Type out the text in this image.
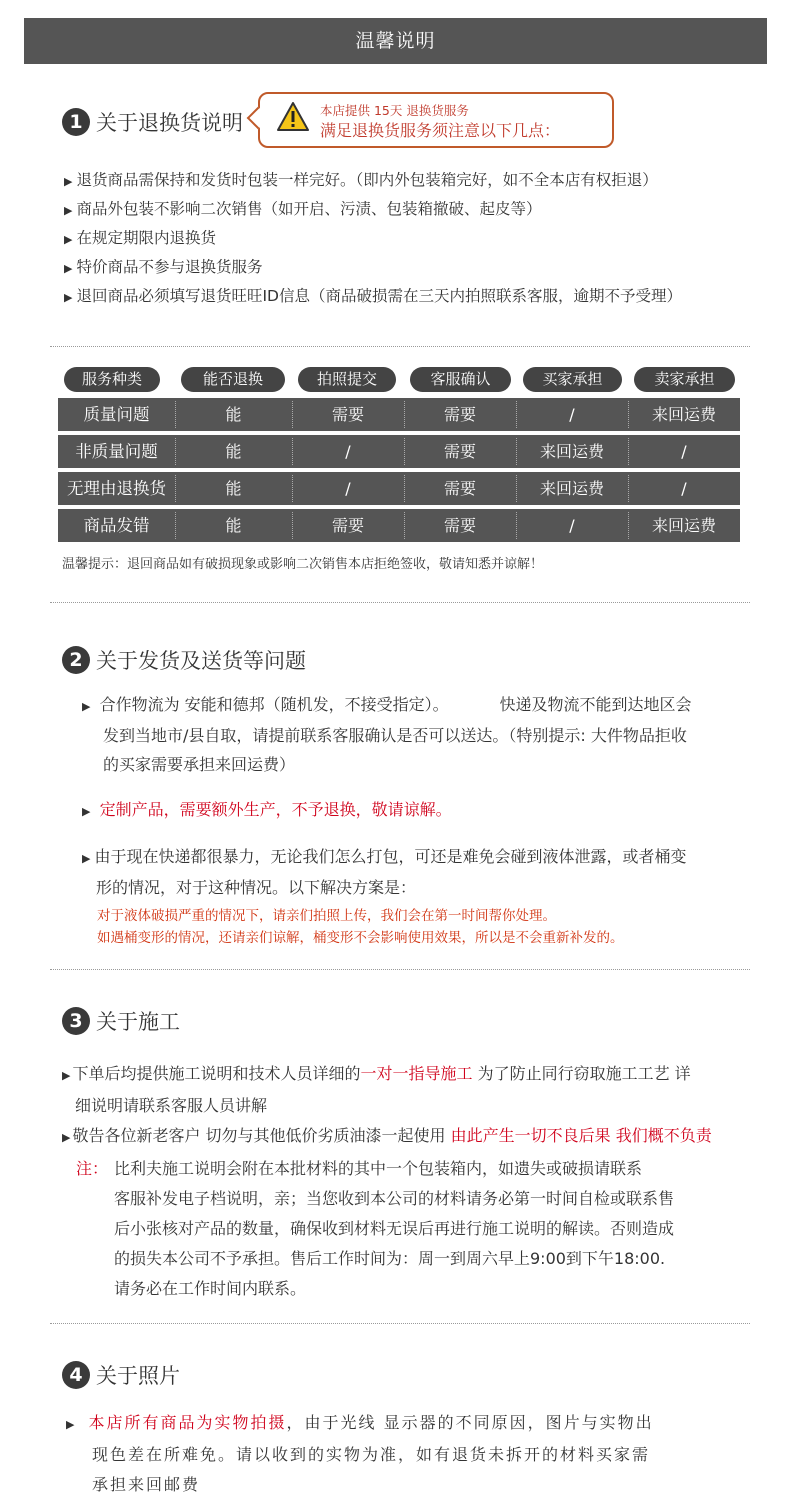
温馨说明
1 关于退换货说明
本店提供 15天 退换货服务
满足退换货服务须注意以下几点：
▶ 退货商品需保持和发货时包装一样完好。（即内外包装箱完好，如不全本店有权拒退）
▶ 商品外包装不影响二次销售（如开启、污渍、包装箱撤破、起皮等）
▶ 在规定期限内退换货
▶ 特价商品不参与退换货服务
▶ 退回商品必须填写退货旺旺ID信息（商品破损需在三天内拍照联系客服，逾期不予受理）
服务种类	能否退换	拍照提交	客服确认	买家承担	卖家承担
质量问题	能	需要	需要	/	来回运费
非质量问题	能	/	需要	来回运费	/
无理由退换货	能	/	需要	来回运费	/
商品发错	能	需要	需要	/	来回运费
温馨提示：退回商品如有破损现象或影响二次销售本店拒绝签收，敬请知悉并谅解！
2 关于发货及送货等问题
▶ 合作物流为 安能和德邦（随机发，不接受指定）。          快递及物流不能到达地区会
发到当地市/县自取，请提前联系客服确认是否可以送达。（特别提示: 大件物品拒收
的买家需要承担来回运费）
▶ 定制产品，需要额外生产，不予退换，敬请谅解。
▶ 由于现在快递都很暴力，无论我们怎么打包，可还是难免会碰到液体泄露，或者桶变
形的情况，对于这种情况。以下解决方案是：
对于液体破损严重的情况下，请亲们拍照上传，我们会在第一时间帮你处理。
如遇桶变形的情况，还请亲们谅解，桶变形不会影响使用效果，所以是不会重新补发的。
3 关于施工
▶ 下单后均提供施工说明和技术人员详细的一对一指导施工 为了防止同行窃取施工工艺 详
细说明请联系客服人员讲解
▶ 敬告各位新老客户 切勿与其他低价劣质油漆一起使用 由此产生一切不良后果 我们概不负责
注： 比利夫施工说明会附在本批材料的其中一个包装箱内，如遗失或破损请联系
客服补发电子档说明，亲；当您收到本公司的材料请务必第一时间自检或联系售
后小张核对产品的数量，确保收到材料无误后再进行施工说明的解读。否则造成
的损失本公司不予承担。售后工作时间为：周一到周六早上9:00到下午18:00.
请务必在工作时间内联系。
4 关于照片
▶ 本店所有商品为实物拍摄，由于光线 显示器的不同原因，图片与实物出
现色差在所难免。请以收到的实物为准，如有退货未拆开的材料买家需
承担来回邮费
